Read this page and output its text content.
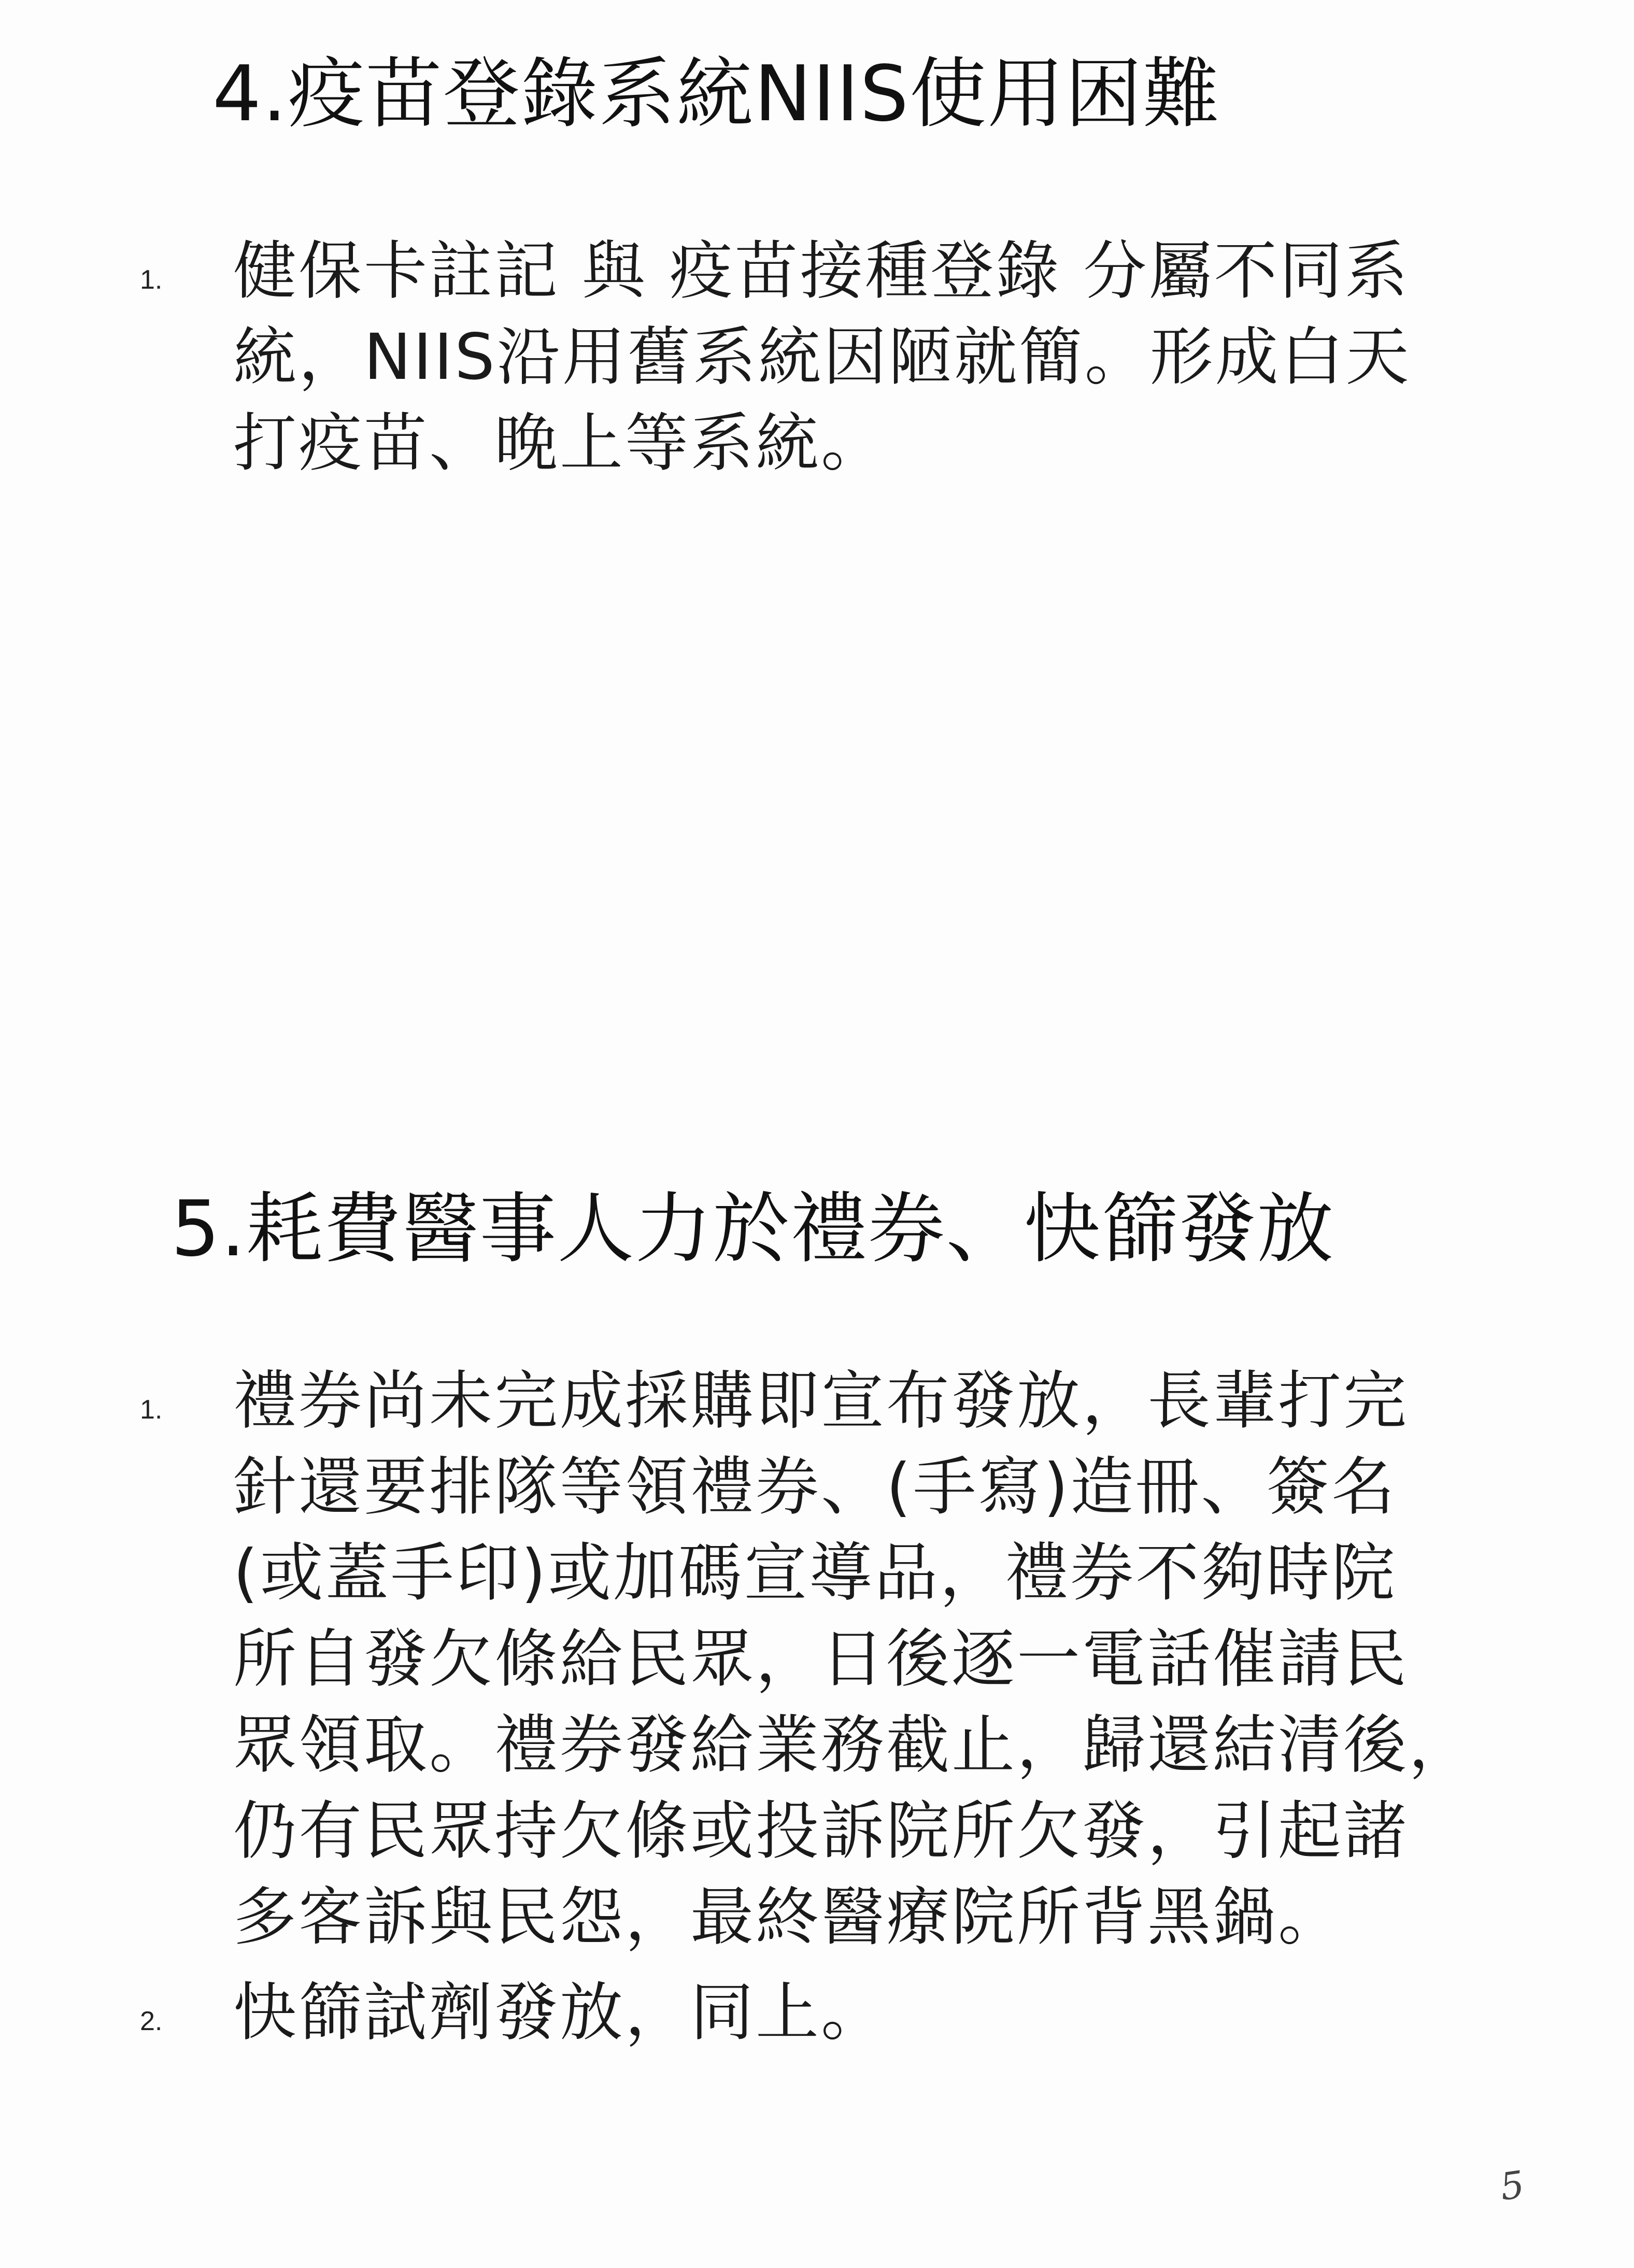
4.疫苗登錄系統NIIS使用困難
1. 健保卡註記 與 疫苗接種登錄 分屬不同系
統，NIIS沿用舊系統因陋就簡。形成白天
打疫苗、晚上等系統。
5.耗費醫事人力於禮券、快篩發放
1. 禮券尚未完成採購即宣布發放，長輩打完
針還要排隊等領禮券、(手寫)造冊、簽名
(或蓋手印)或加碼宣導品，禮券不夠時院
所自發欠條給民眾，日後逐一電話催請民
眾領取。禮券發給業務截止，歸還結清後，
仍有民眾持欠條或投訴院所欠發，引起諸
多客訴與民怨，最終醫療院所背黑鍋。
2. 快篩試劑發放，同上。
5
